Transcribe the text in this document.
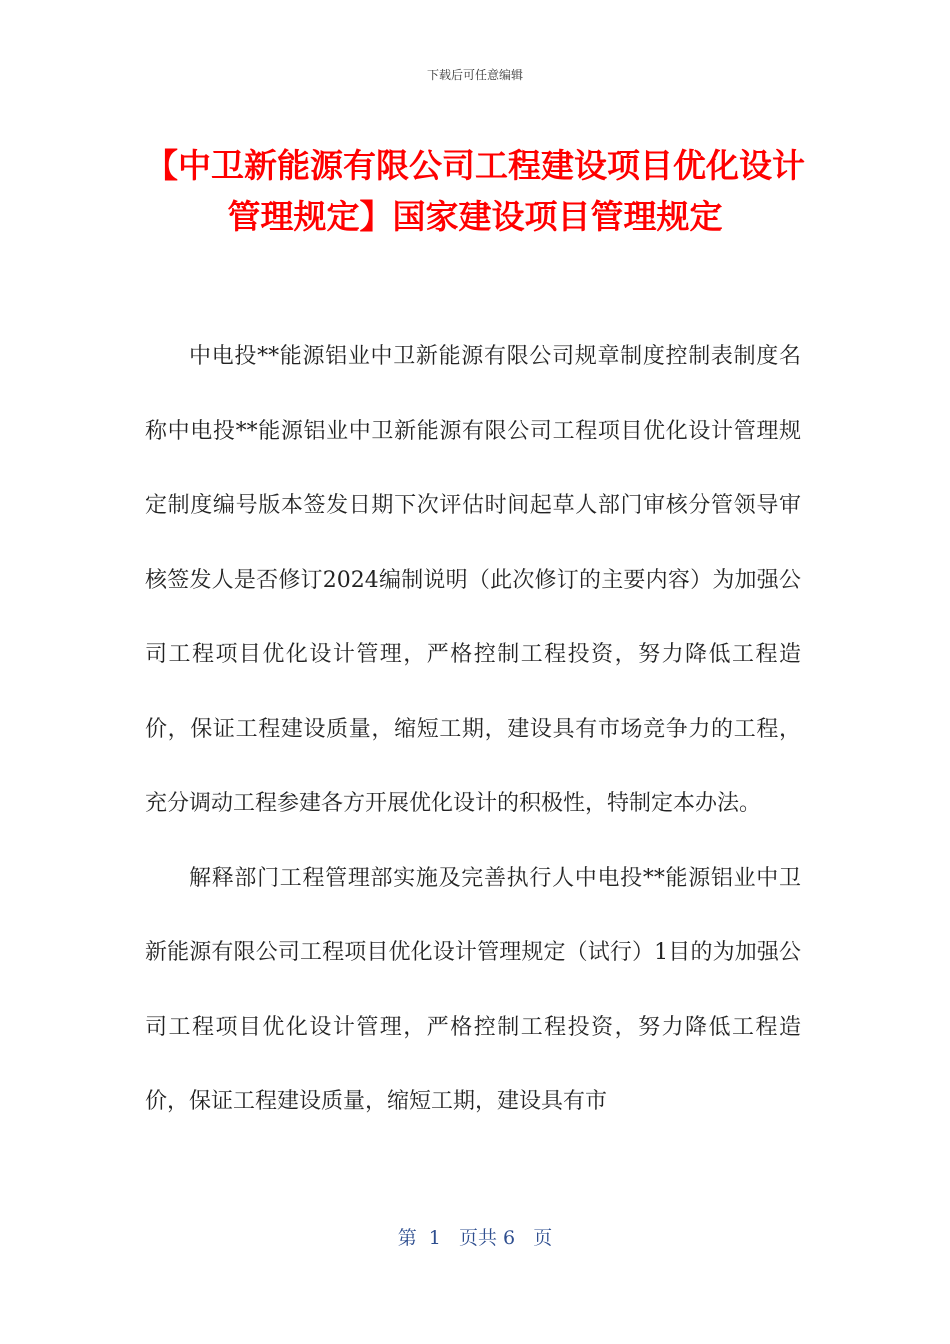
下载后可任意编辑
【中卫新能源有限公司工程建设项目优化设计管理规定】国家建设项目管理规定

中电投**能源铝业中卫新能源有限公司规章制度控制表制度名称中电投**能源铝业中卫新能源有限公司工程项目优化设计管理规定制度编号版本签发日期下次评估时间起草人部门审核分管领导审核签发人是否修订2024编制说明（此次修订的主要内容）为加强公司工程项目优化设计管理，严格控制工程投资，努力降低工程造价，保证工程建设质量，缩短工期，建设具有市场竞争力的工程，充分调动工程参建各方开展优化设计的积极性，特制定本办法。

解释部门工程管理部实施及完善执行人中电投**能源铝业中卫新能源有限公司工程项目优化设计管理规定（试行）1目的为加强公司工程项目优化设计管理，严格控制工程投资，努力降低工程造价，保证工程建设质量，缩短工期，建设具有市

第  1   页共 6   页
